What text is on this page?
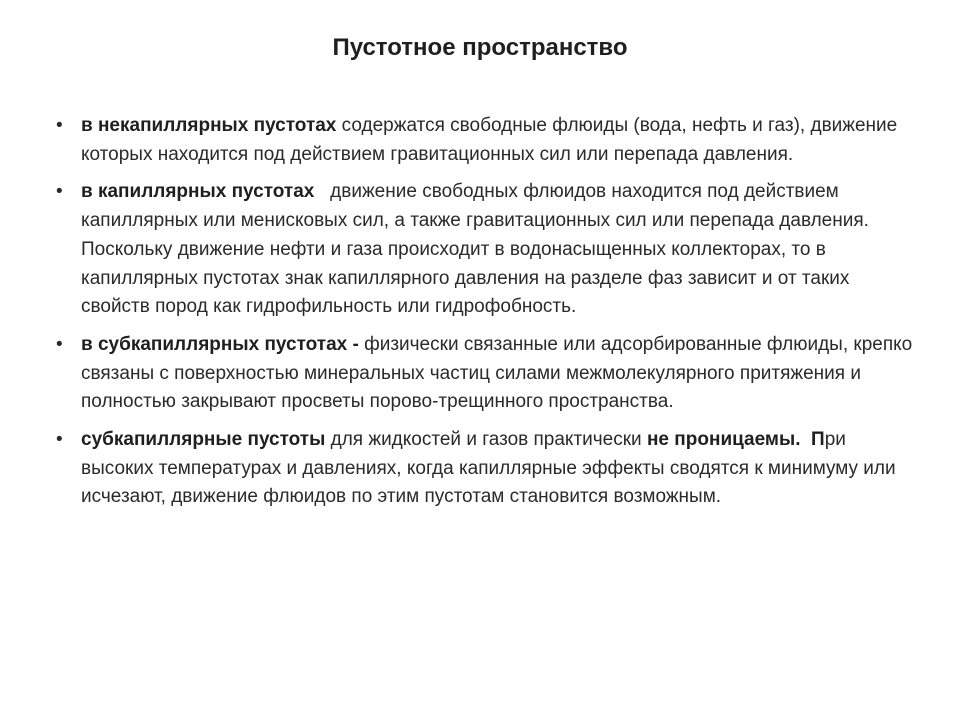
Пустотное пространство
• в некапиллярных пустотах содержатся свободные флюиды (вода, нефть и газ), движение которых находится под действием гравитационных сил или перепада давления.
• в капиллярных пустотах   движение свободных флюидов находится под действием капиллярных или менисковых сил, а также гравитационных сил или перепада давления. Поскольку движение нефти и газа происходит в водонасыщенных коллекторах, то в капиллярных пустотах знак капиллярного давления на разделе фаз зависит и от таких свойств пород как гидрофильность или гидрофобность.
• в субкапиллярных пустотах - физически связанные или адсорбированные флюиды, крепко связаны с поверхностью минеральных частиц силами межмолекулярного притяжения и полностью закрывают просветы порово-трещинного пространства.
• субкапиллярные пустоты для жидкостей и газов практически не проницаемы.  При высоких температурах и давлениях, когда капиллярные эффекты сводятся к минимуму или исчезают, движение флюидов по этим пустотам становится возможным.
